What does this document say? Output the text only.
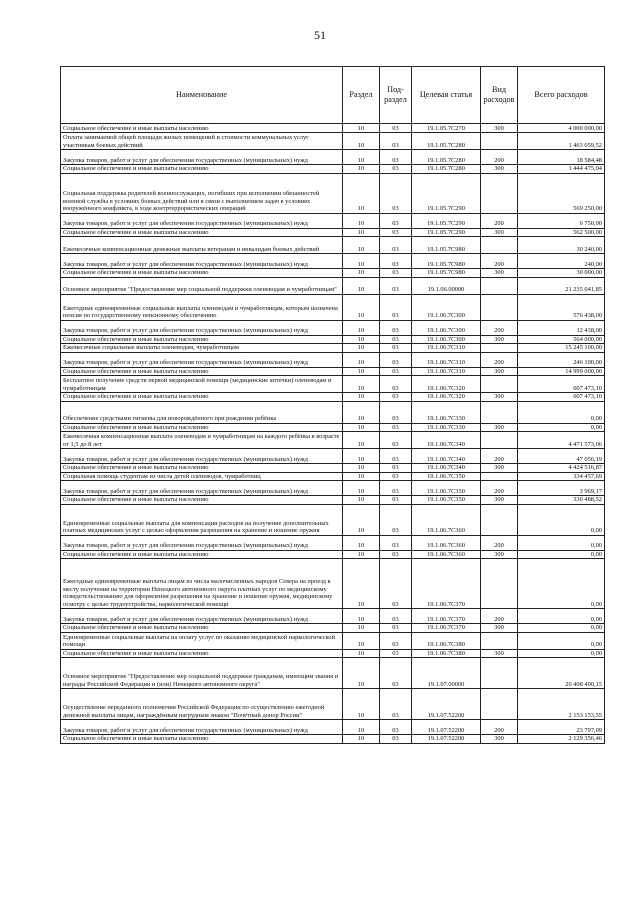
51
Наименование	Раздел	Под-раздел	Целевая статья	Вид расходов	Всего расходов
Социальное обеспечение и иные выплаты населению	10	03	19.1.05.7С270	300	4 000 000,00
Оплата занимаемой общей площади жилых помещений и стоимости коммунальных услуг участникам боевых действий	10	03	19.1.05.7С280		1 463 059,52
Закупка товаров, работ и услуг для обеспечения государственных (муниципальных) нужд	10	03	19.1.05.7С280	200	18 584,48
Социальное обеспечение и иные выплаты населению	10	03	19.1.05.7С280	300	1 444 475,04
Социальная поддержка родителей военнослужащих, погибших при исполнении обязанностей военной службы в условиях боевых действий или в связи с выполнением задач в условиях вооружённого конфликта, в ходе контртеррористических операций	10	03	19.1.05.7С290		569 250,00
Закупка товаров, работ и услуг для обеспечения государственных (муниципальных) нужд	10	03	19.1.05.7С290	200	6 750,00
Социальное обеспечение и иные выплаты населению	10	03	19.1.05.7С290	300	562 500,00
Ежемесячные компенсационные денежные выплаты ветеранам и инвалидам боевых действий	10	03	19.1.05.7С980		30 240,00
Закупка товаров, работ и услуг для обеспечения государственных (муниципальных) нужд	10	03	19.1.05.7С980	200	240,00
Социальное обеспечение и иные выплаты населению	10	03	19.1.05.7С980	300	30 000,00
Основное мероприятие "Предоставление мер социальной поддержки оленеводам и чумработницам"	10	03	19.1.06.00000		21 235 041,85
Ежегодные единовременные социальные выплаты оленеводам и чумработницам, которым назначена пенсия по государственному пенсионному обеспечению	10	03	19.1.06.7С300		576 438,00
Закупка товаров, работ и услуг для обеспечения государственных (муниципальных) нужд	10	03	19.1.06.7С300	200	12 438,00
Социальное обеспечение и иные выплаты населению	10	03	19.1.06.7С300	300	564 000,00
Ежемесячные социальные выплаты оленеводам, чумработницам	10	03	19.1.06.7С310		15 245 100,00
Закупка товаров, работ и услуг для обеспечения государственных (муниципальных) нужд	10	03	19.1.06.7С310	200	246 100,00
Социальное обеспечение и иные выплаты населению	10	03	19.1.06.7С310	300	14 999 000,00
Бесплатное получение средств первой медицинской помощи (медицинские аптечки) оленеводам и чумработницам	10	03	19.1.06.7С320		607 473,10
Социальное обеспечение и иные выплаты населению	10	03	19.1.06.7С320	300	607 473,10
Обеспечение средствами гигиены для новорождённого при рождении ребёнка	10	03	19.1.06.7С330		0,00
Социальное обеспечение и иные выплаты населению	10	03	19.1.06.7С330	300	0,00
Ежемесячная компенсационная выплата оленеводам и чумработницам на каждого ребёнка в возрасте от 1,5 до 8 лет	10	03	19.1.06.7С340		4 471 573,06
Закупка товаров, работ и услуг для обеспечения государственных (муниципальных) нужд	10	03	19.1.06.7С340	200	47 056,19
Социальное обеспечение и иные выплаты населению	10	03	19.1.06.7С340	300	4 424 516,87
Социальная помощь студентам из числа детей оленеводов, чумработниц	10	03	19.1.06.7С350		334 457,69
Закупка товаров, работ и услуг для обеспечения государственных (муниципальных) нужд	10	03	19.1.06.7С350	200	3 969,17
Социальное обеспечение и иные выплаты населению	10	03	19.1.06.7С350	300	330 488,52
Единовременные социальные выплаты для компенсации расходов на получение дополнительных платных медицинских услуг с целью оформления разрешения на хранение и ношение оружия	10	03	19.1.06.7С360		0,00
Закупка товаров, работ и услуг для обеспечения государственных (муниципальных) нужд	10	03	19.1.06.7С360	200	0,00
Социальное обеспечение и иные выплаты населению	10	03	19.1.06.7С360	300	0,00
Ежегодные единовременные выплаты лицам из числа малочисленных народов Севера на проезд к месту получения на территории Ненецкого автономного округа платных услуг по медицинскому освидетельствованию для оформления разрешения на хранение и ношение оружия, медицинскому осмотру с целью трудоустройства, наркологической помощи	10	03	19.1.06.7С370		0,00
Закупка товаров, работ и услуг для обеспечения государственных (муниципальных) нужд	10	03	19.1.06.7С370	200	0,00
Социальное обеспечение и иные выплаты населению	10	03	19.1.06.7С370	300	0,00
Единовременные социальные выплаты на оплату услуг по оказанию медицинской наркологической помощи	10	03	19.1.06.7С380		0,00
Социальное обеспечение и иные выплаты населению	10	03	19.1.06.7С380	300	0,00
Основное мероприятие "Предоставление мер социальной поддержки гражданам, имеющим звания и награды Российской Федерации и (или) Ненецкого автономного округа"	10	03	19.1.07.00000		20 408 490,15
Осуществление переданного полномочия Российской Федерации по осуществлению ежегодной денежной выплаты лицам, награждённым нагрудным знаком "Почётный донор России"	10	03	19.1.07.52200		2 153 153,55
Закупка товаров, работ и услуг для обеспечения государственных (муниципальных) нужд	10	03	19.1.07.52200	200	23 797,09
Социальное обеспечение и иные выплаты населению	10	03	19.1.07.52200	300	2 129 356,46
